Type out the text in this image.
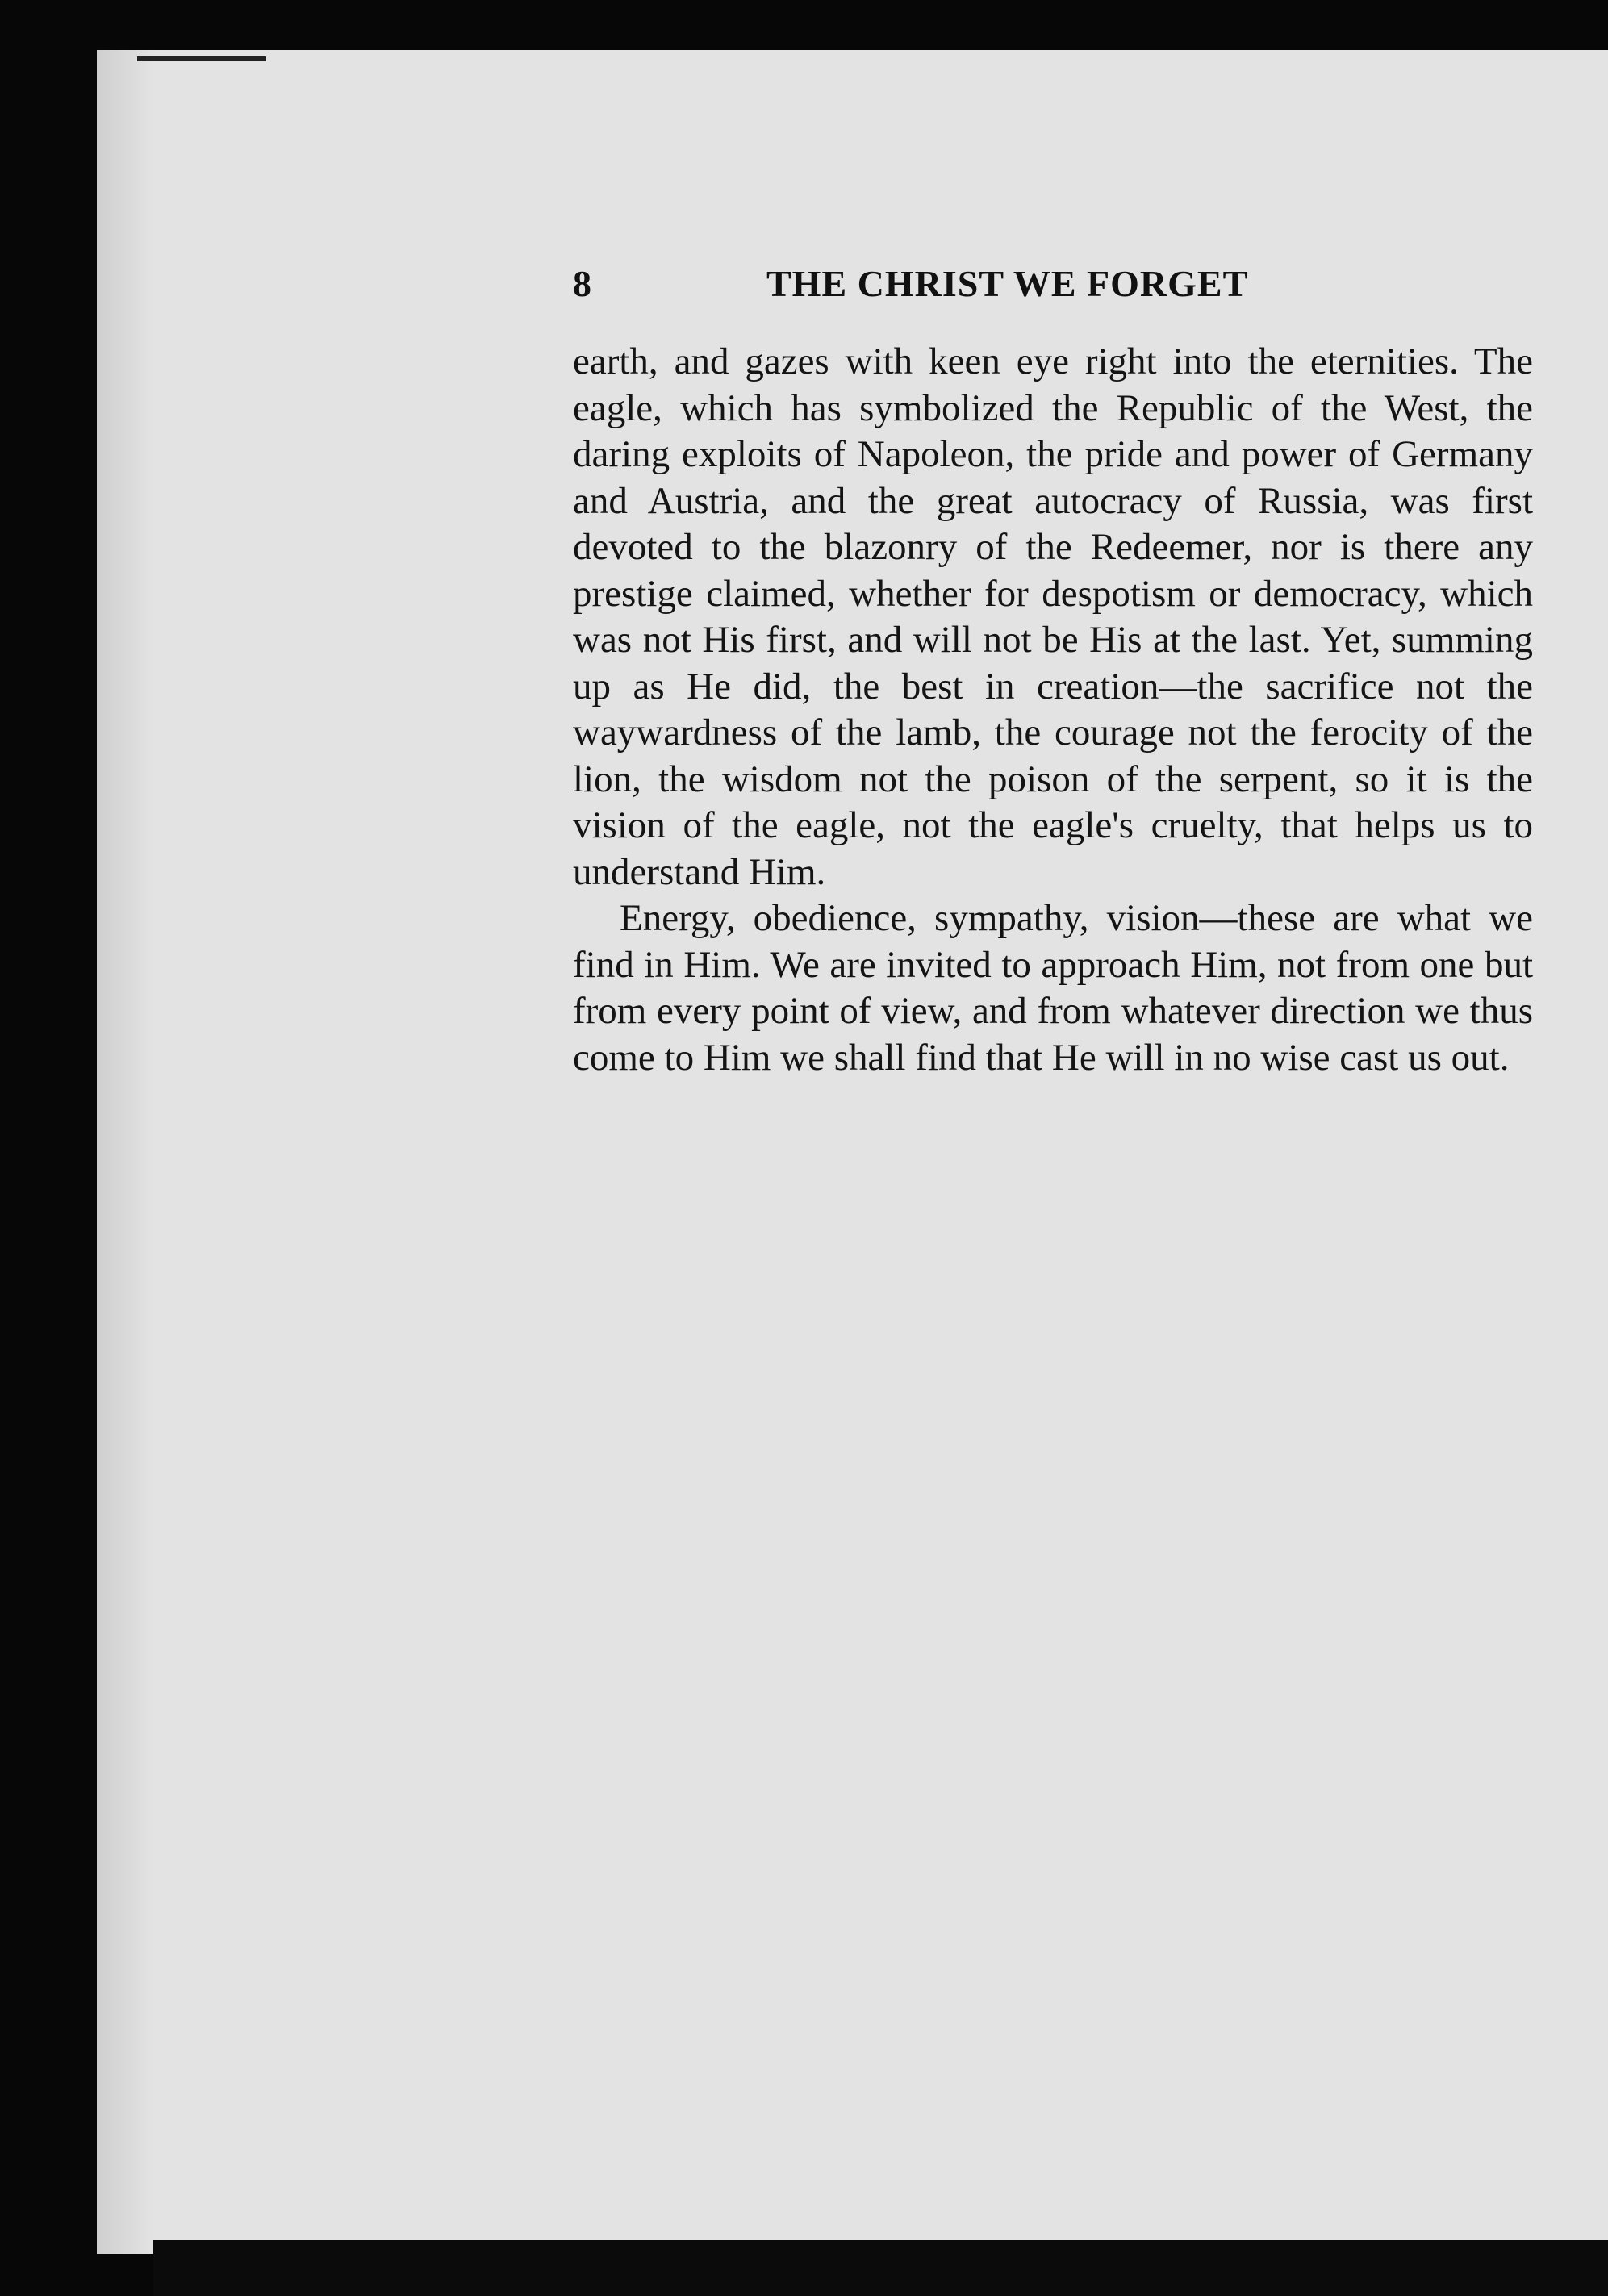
8	THE CHRIST WE FORGET

earth, and gazes with keen eye right into the eternities. The eagle, which has symbolized the Republic of the West, the daring exploits of Napoleon, the pride and power of Germany and Austria, and the great autocracy of Russia, was first devoted to the blazonry of the Redeemer, nor is there any prestige claimed, whether for despotism or democracy, which was not His first, and will not be His at the last. Yet, summing up as He did, the best in creation—the sacrifice not the waywardness of the lamb, the courage not the ferocity of the lion, the wisdom not the poison of the serpent, so it is the vision of the eagle, not the eagle's cruelty, that helps us to understand Him.

Energy, obedience, sympathy, vision—these are what we find in Him. We are invited to approach Him, not from one but from every point of view, and from whatever direction we thus come to Him we shall find that He will in no wise cast us out.
